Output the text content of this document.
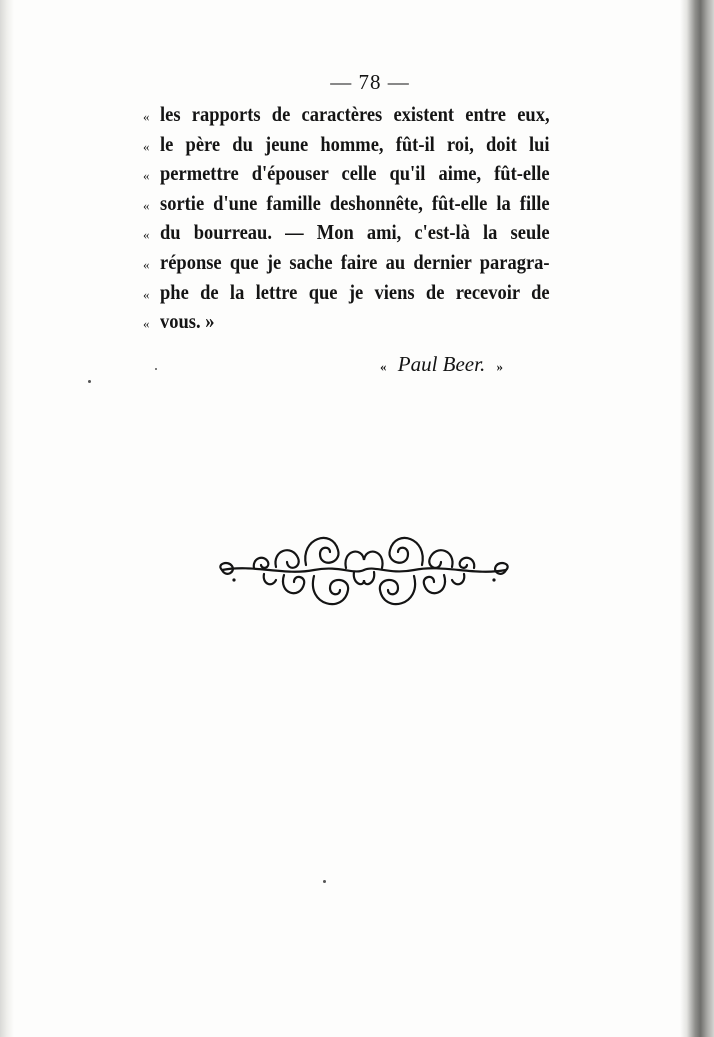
— 78 —
« les rapports de caractères existent entre eux,
« le père du jeune homme, fût-il roi, doit lui
« permettre d'épouser celle qu'il aime, fût-elle
« sortie d'une famille deshonnête, fût-elle la fille
« du bourreau. — Mon ami, c'est-là la seule
« réponse que je sache faire au dernier paragra-
« phe de la lettre que je viens de recevoir de
« vous. »
« Paul Beer. »
